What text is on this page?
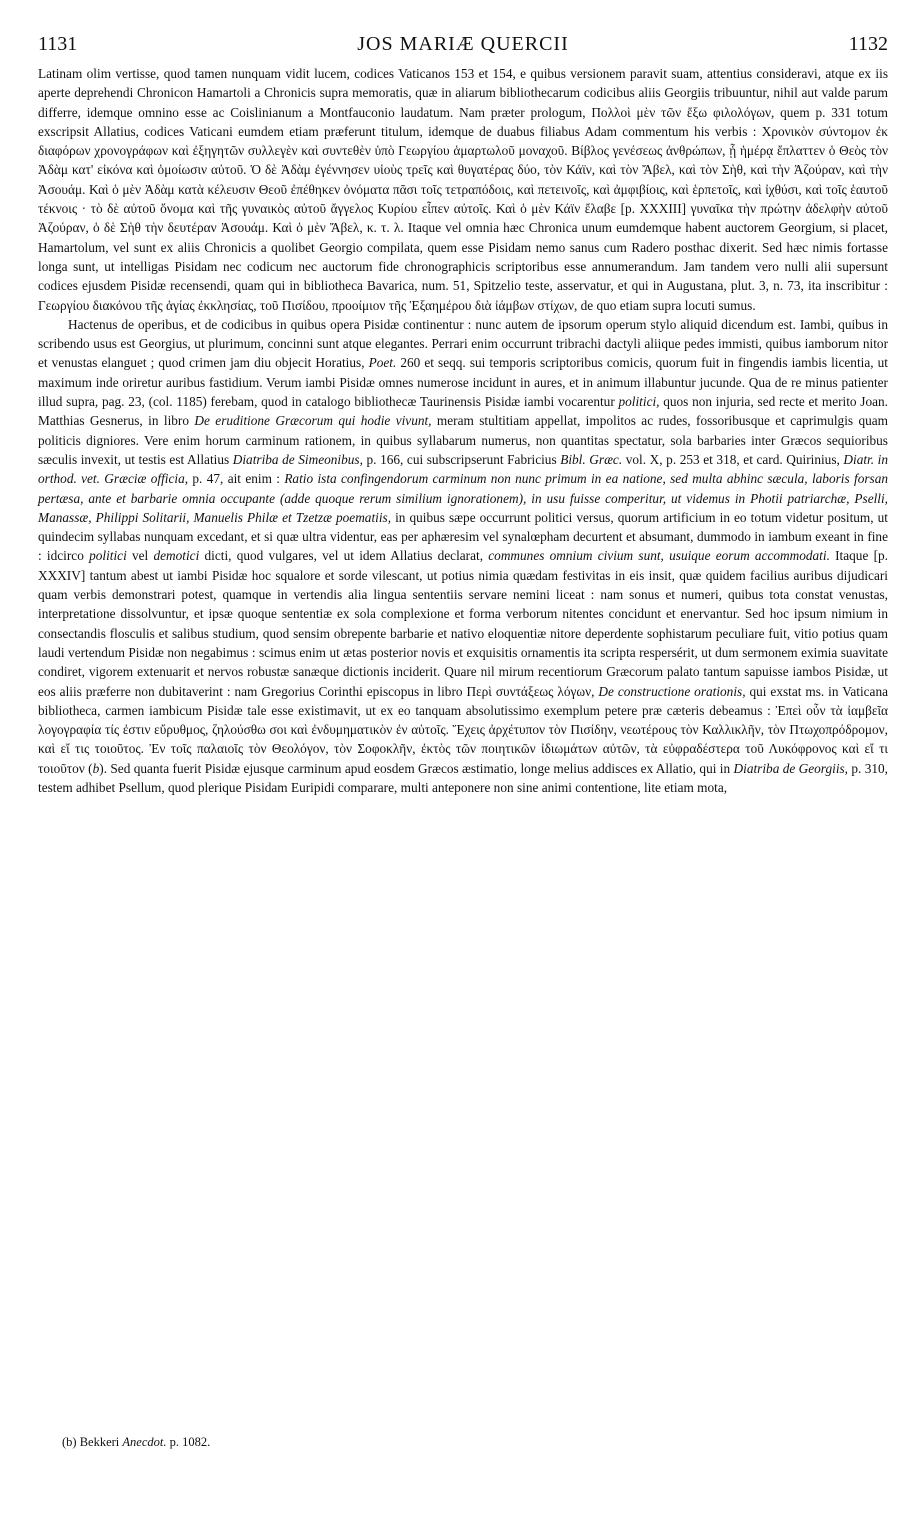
1131	JOS MARIÆ QUERCII	1132

Latinam olim vertisse, quod tamen nunquam vidit lucem, codices Vaticanos 153 et 154, e quibus versionem paravit suam, attentius consideravi, atque ex iis aperte deprehendi Chronicon Hamartoli a Chronicis supra memoratis, quæ in aliarum bibliothecarum codicibus aliis Georgiis tribuuntur, nihil aut valde parum differre, idemque omnino esse ac Coislinianum a Montfauconio laudatum. Nam præter prologum, Πολλοὶ μὲν τῶν ἔξω φιλολόγων, quem p. 331 totum exscripsit Allatius, codices Vaticani eumdem etiam præferunt titulum, idemque de duabus filiabus Adam commentum his verbis : Χρονικὸν σύντομον ἐκ διαφόρων χρονογράφων καὶ ἐξηγητῶν συλλεγὲν καὶ συντεθὲν ὑπὸ Γεωργίου ἁμαρτωλοῦ μοναχοῦ. Βίβλος γενέσεως ἀνθρώπων, ᾗ ἡμέρᾳ ἔπλαττεν ὁ Θεὸς τὸν Ἀδὰμ κατ' εἰκόνα καὶ ὁμοίωσιν αὐτοῦ. Ὁ δὲ Ἀδὰμ ἐγέννησεν υἱοὺς τρεῖς καὶ θυγατέρας δύο, τὸν Κάϊν, καὶ τὸν Ἄβελ, καὶ τὸν Σὴθ, καὶ τὴν Ἀζούραν, καὶ τὴν Ἀσουάμ. Καὶ ὁ μὲν Ἀδὰμ κατὰ κέλευσιν Θεοῦ ἐπέθηκεν ὀνόματα πᾶσι τοῖς τετραπόδοις, καὶ πετεινοῖς, καὶ ἀμφιβίοις, καὶ ἑρπετοῖς, καὶ ἰχθύσι, καὶ τοῖς ἑαυτοῦ τέκνοις · τὸ δὲ αὐτοῦ ὄνομα καὶ τῆς γυναικὸς αὐτοῦ ἄγγελος Κυρίου εἶπεν αὐτοῖς. Καὶ ὁ μὲν Κάϊν ἔλαβε [p. XXXIII] γυναῖκα τὴν πρώτην ἀδελφὴν αὐτοῦ Ἀζούραν, ὁ δὲ Σὴθ τὴν δευτέραν Ἀσουάμ. Καὶ ὁ μὲν Ἄβελ, κ. τ. λ. Itaque vel omnia hæc Chronica unum eumdemque habent auctorem Georgium, si placet, Hamartolum, vel sunt ex aliis Chronicis a quolibet Georgio compilata, quem esse Pisidam nemo sanus cum Radero posthac dixerit. Sed hæc nimis fortasse longa sunt, ut intelligas Pisidam nec codicum nec auctorum fide chronographicis scriptoribus esse annumerandum. Jam tandem vero nulli alii supersunt codices ejusdem Pisidæ recensendi, quam qui in bibliotheca Bavarica, num. 51, Spitzelio teste, asservatur, et qui in Augustana, plut. 3, n. 73, ita inscribitur : Γεωργίου διακόνου τῆς ἁγίας ἐκκλησίας, τοῦ Πισίδου, προοίμιον τῆς Ἑξαημέρου διὰ ἰάμβων στίχων, de quo etiam supra locuti sumus.

Hactenus de operibus, et de codicibus in quibus opera Pisidæ continentur : nunc autem de ipsorum operum stylo aliquid dicendum est. Iambi, quibus in scribendo usus est Georgius, ut plurimum, concinni sunt atque elegantes. Perrari enim occurrunt tribrachi dactyli aliique pedes immisti, quibus iamborum nitor et venustas elanguet ; quod crimen jam diu objecit Horatius, Poet. 260 et seqq. sui temporis scriptoribus comicis, quorum fuit in fingendis iambis licentia, ut maximum inde oriretur auribus fastidium. Verum iambi Pisidæ omnes numerose incidunt in aures, et in animum illabuntur jucunde. Qua de re minus patienter illud supra, pag. 23, (col. 1185) ferebam, quod in catalogo bibliothecæ Taurinensis Pisidæ iambi vocarentur politici, quos non injuria, sed recte et merito Joan. Matthias Gesnerus, in libro De eruditione Græcorum qui hodie vivunt, meram stultitiam appellat, impolitos ac rudes, fossoribusque et caprimulgis quam politicis digniores. Vere enim horum carminum rationem, in quibus syllabarum numerus, non quantitas spectatur, sola barbaries inter Græcos sequioribus sæculis invexit, ut testis est Allatius Diatriba de Simeonibus, p. 166, cui subscripserunt Fabricius Bibl. Græc. vol. X, p. 253 et 318, et card. Quirinius, Diatr. in orthod. vet. Græciæ officia, p. 47, ait enim : Ratio ista confingendorum carminum non nunc primum in ea natione, sed multa abhinc sæcula, laboris forsan pertæsa, ante et barbarie omnia occupante (adde quoque rerum similium ignorationem), in usu fuisse comperitur, ut videmus in Photii patriarchæ, Pselli, Manassæ, Philippi Solitarii, Manuelis Philæ et Tzetzæ poematiis, in quibus sæpe occurrunt politici versus, quorum artificium in eo totum videtur positum, ut quindecim syllabas nunquam excedant, et si quæ ultra videntur, eas per aphæresim vel synalœpham decurtent et absumant, dummodo in iambum exeant in fine : idcirco politici vel demotici dicti, quod vulgares, vel ut idem Allatius declarat, communes omnium civium sunt, usuique eorum accommodati. Itaque [p. XXXIV] tantum abest ut iambi Pisidæ hoc squalore et sorde vilescant, ut potius nimia quædam festivitas in eis insit, quæ quidem facilius auribus dijudicari quam verbis demonstrari potest, quamque in vertendis alia lingua sententiis servare nemini liceat : nam sonus et numeri, quibus tota constat venustas, interpretatione dissolvuntur, et ipsæ quoque sententiæ ex sola complexione et forma verborum nitentes concidunt et enervantur. Sed hoc ipsum nimium in consectandis flosculis et salibus studium, quod sensim obrepente barbarie et nativo eloquentiæ nitore deperdente sophistarum peculiare fuit, vitio potius quam laudi vertendum Pisidæ non negabimus : scimus enim ut ætas posterior novis et exquisitis ornamentis ita scripta respersérit, ut dum sermonem eximia suavitate condiret, vigorem extenuarit et nervos robustæ sanæque dictionis inciderit. Quare nil mirum recentiorum Græcorum palato tantum sapuisse iambos Pisidæ, ut eos aliis præferre non dubitaverint : nam Gregorius Corinthi episcopus in libro Περὶ συντάξεως λόγων, De constructione orationis, qui exstat ms. in Vaticana bibliotheca, carmen iambicum Pisidæ tale esse existimavit, ut ex eo tanquam absolutissimo exemplum petere præ cæteris debeamus : Ἐπεὶ οὖν τὰ ἰαμβεῖα λογογραφία τίς ἐστιν εὔρυθμος, ζηλούσθω σοι καὶ ἐνδυμηματικὸν ἐν αὐτοῖς. Ἔχεις ἀρχέτυπον τὸν Πισίδην, νεωτέρους τὸν Καλλικλῆν, τὸν Πτωχοπρόδρομον, καὶ εἴ τις τοιοῦτος. Ἐν τοῖς παλαιοῖς τὸν Θεολόγον, τὸν Σοφοκλῆν, ἐκτὸς τῶν ποιητικῶν ἰδιωμάτων αὐτῶν, τὰ εὐφραδέστερα τοῦ Λυκόφρονος καὶ εἴ τι τοιοῦτον (b). Sed quanta fuerit Pisidæ ejusque carminum apud eosdem Græcos æstimatio, longe melius addisces ex Allatio, qui in Diatriba de Georgiis, p. 310, testem adhibet Psellum, quod plerique Pisidam Euripidi comparare, multi anteponere non sine animi contentione, lite etiam mota,

(b) Bekkeri Anecdot. p. 1082.
